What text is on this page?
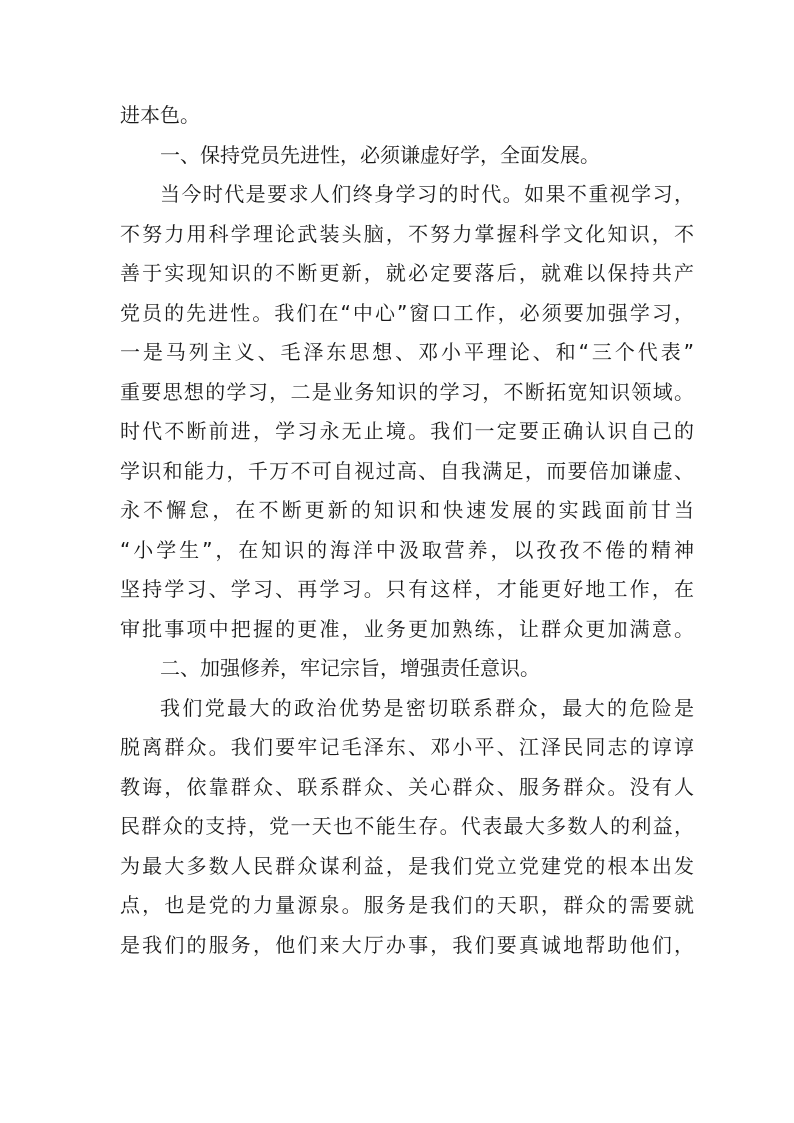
进本色。
一、保持党员先进性，必须谦虚好学，全面发展。
当今时代是要求人们终身学习的时代。如果不重视学习，
不努力用科学理论武装头脑，不努力掌握科学文化知识，不
善于实现知识的不断更新，就必定要落后，就难以保持共产
党员的先进性。我们在“中心”窗口工作，必须要加强学习，
一是马列主义、毛泽东思想、邓小平理论、和“三个代表”
重要思想的学习，二是业务知识的学习，不断拓宽知识领域。
时代不断前进，学习永无止境。我们一定要正确认识自己的
学识和能力，千万不可自视过高、自我满足，而要倍加谦虚、
永不懈怠，在不断更新的知识和快速发展的实践面前甘当
“小学生”，在知识的海洋中汲取营养，以孜孜不倦的精神
坚持学习、学习、再学习。只有这样，才能更好地工作，在
审批事项中把握的更准，业务更加熟练，让群众更加满意。
二、加强修养，牢记宗旨，增强责任意识。
我们党最大的政治优势是密切联系群众，最大的危险是
脱离群众。我们要牢记毛泽东、邓小平、江泽民同志的谆谆
教诲，依靠群众、联系群众、关心群众、服务群众。没有人
民群众的支持，党一天也不能生存。代表最大多数人的利益，
为最大多数人民群众谋利益，是我们党立党建党的根本出发
点，也是党的力量源泉。服务是我们的天职，群众的需要就
是我们的服务，他们来大厅办事，我们要真诚地帮助他们，
